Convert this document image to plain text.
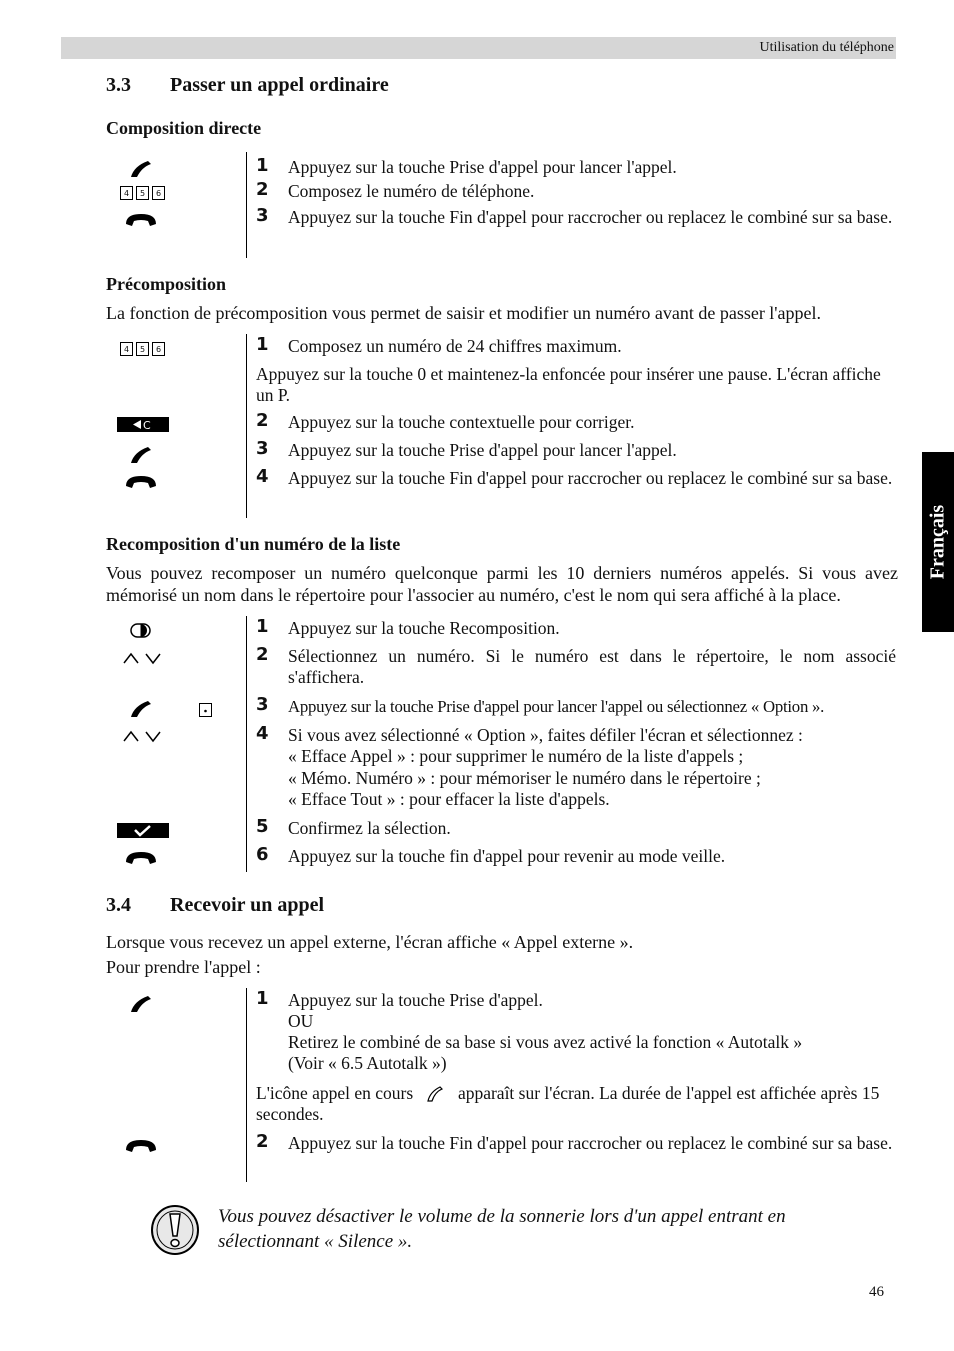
Utilisation du téléphone
Français
3.3 Passer un appel ordinaire
Composition directe
4	5	6
1 Appuyez sur la touche Prise d'appel pour lancer l'appel.
2 Composez le numéro de téléphone.
3 Appuyez sur la touche Fin d'appel pour raccrocher ou replacez le combiné sur sa base.
Précomposition
La fonction de précomposition vous permet de saisir et modifier un numéro avant de passer l'appel.
4	5	6
C
1 Composez un numéro de 24 chiffres maximum.
Appuyez sur la touche 0 et maintenez-la enfoncée pour insérer une pause. L'écran affiche un P.
2 Appuyez sur la touche contextuelle pour corriger.
3 Appuyez sur la touche Prise d'appel pour lancer l'appel.
4 Appuyez sur la touche Fin d'appel pour raccrocher ou replacez le combiné sur sa base.
Recomposition d'un numéro de la liste
Vous pouvez recomposer un numéro quelconque parmi les 10 derniers numéros appelés. Si vous avez mémorisé un nom dans le répertoire pour l'associer au numéro, c'est le nom qui sera affiché à la place.
1 Appuyez sur la touche Recomposition.
2 Sélectionnez un numéro. Si le numéro est dans le répertoire, le nom associé s'affichera.
3 Appuyez sur la touche Prise d'appel pour lancer l'appel ou sélectionnez « Option ».
4 Si vous avez sélectionné « Option », faites défiler l'écran et sélectionnez :
« Efface Appel » : pour supprimer le numéro de la liste d'appels ;
« Mémo. Numéro » : pour mémoriser le numéro dans le répertoire ;
« Efface Tout » : pour effacer la liste d'appels.
5 Confirmez la sélection.
6 Appuyez sur la touche fin d'appel pour revenir au mode veille.
3.4 Recevoir un appel
Lorsque vous recevez un appel externe, l'écran affiche « Appel externe ».
Pour prendre l'appel :
1 Appuyez sur la touche Prise d'appel.
OU
Retirez le combiné de sa base si vous avez activé la fonction « Autotalk »
(Voir « 6.5 Autotalk »)
L'icône appel en cours	apparaît sur l'écran. La durée de l'appel est affichée après 15 secondes.
2 Appuyez sur la touche Fin d'appel pour raccrocher ou replacez le combiné sur sa base.
Vous pouvez désactiver le volume de la sonnerie lors d'un appel entrant en sélectionnant « Silence ».
46
